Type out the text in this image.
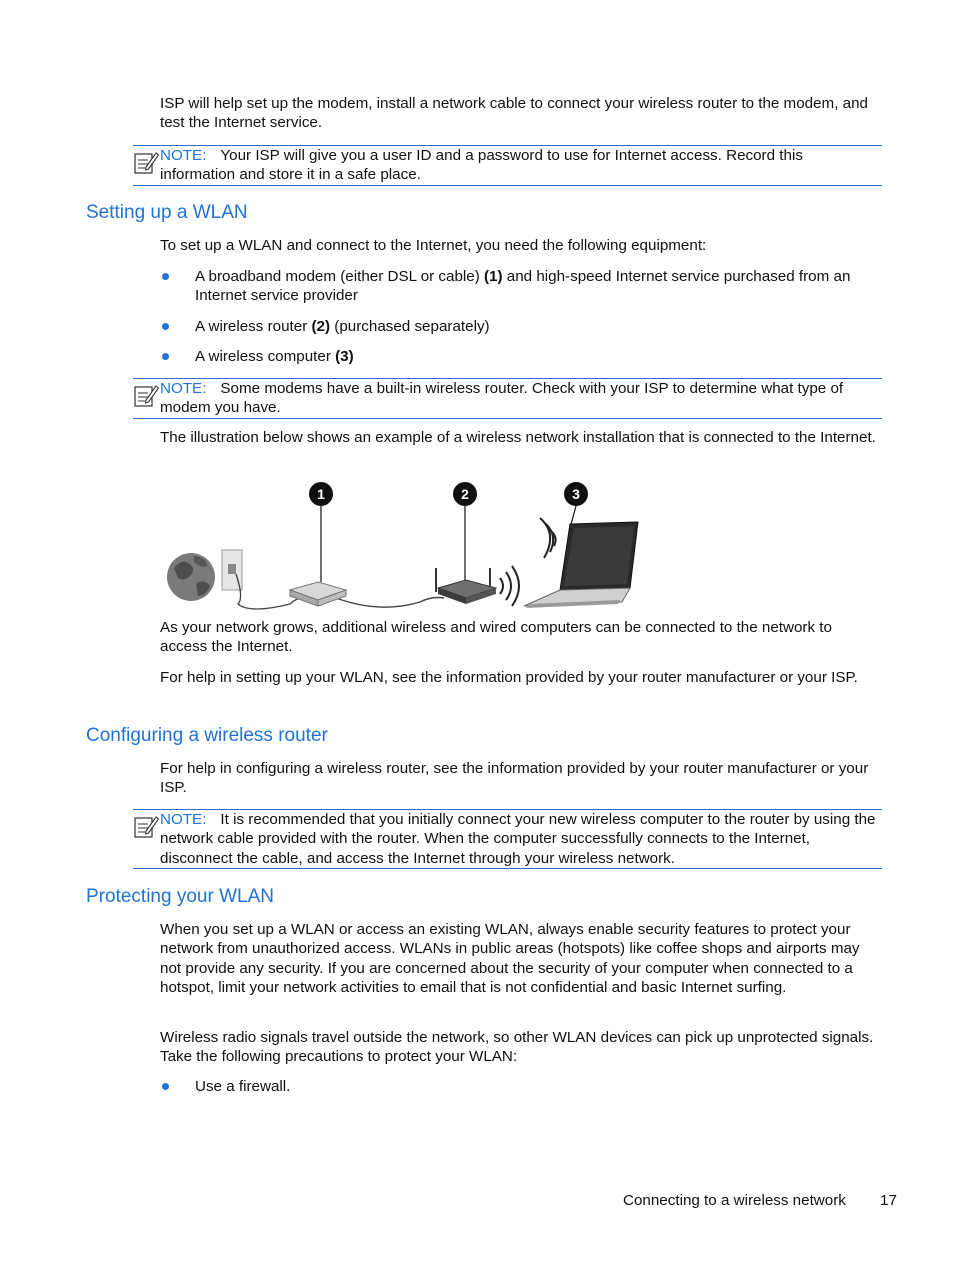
ISP will help set up the modem, install a network cable to connect your wireless router to the modem, and test the Internet service.

NOTE: Your ISP will give you a user ID and a password to use for Internet access. Record this information and store it in a safe place.
Setting up a WLAN

To set up a WLAN and connect to the Internet, you need the following equipment:

A broadband modem (either DSL or cable) (1) and high-speed Internet service purchased from an Internet service provider
A wireless router (2) (purchased separately)
A wireless computer (3)
NOTE: Some modems have a built-in wireless router. Check with your ISP to determine what type of modem you have.

The illustration below shows an example of a wireless network installation that is connected to the Internet.

1	2	3

As your network grows, additional wireless and wired computers can be connected to the network to access the Internet.

For help in setting up your WLAN, see the information provided by your router manufacturer or your ISP.

Configuring a wireless router

For help in configuring a wireless router, see the information provided by your router manufacturer or your ISP.

NOTE: It is recommended that you initially connect your new wireless computer to the router by using the network cable provided with the router. When the computer successfully connects to the Internet, disconnect the cable, and access the Internet through your wireless network.
Protecting your WLAN

When you set up a WLAN or access an existing WLAN, always enable security features to protect your network from unauthorized access. WLANs in public areas (hotspots) like coffee shops and airports may not provide any security. If you are concerned about the security of your computer when connected to a hotspot, limit your network activities to email that is not confidential and basic Internet surfing.

Wireless radio signals travel outside the network, so other WLAN devices can pick up unprotected signals. Take the following precautions to protect your WLAN:

Use a firewall.
Connecting to a wireless network 17
